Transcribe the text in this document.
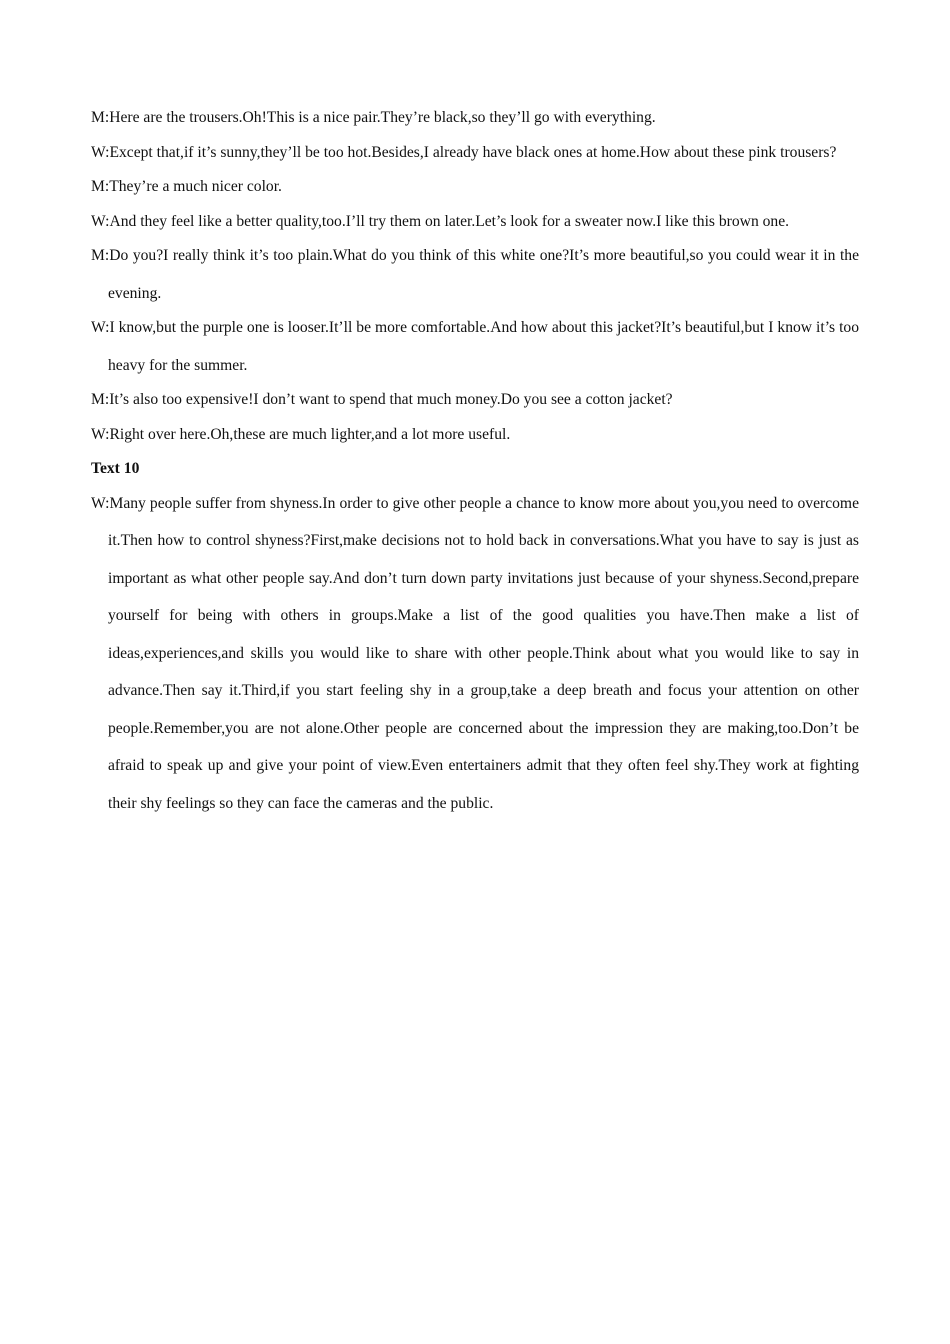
M:Here are the trousers.Oh!This is a nice pair.They’re black,so they’ll go with everything.

W:Except that,if it’s sunny,they’ll be too hot.Besides,I already have black ones at home.How about these pink trousers?

M:They’re a much nicer color.

W:And they feel like a better quality,too.I’ll try them on later.Let’s look for a sweater now.I like this brown one.

M:Do you?I really think it’s too plain.What do you think of this white one?It’s more beautiful,so you could wear it in the evening.

W:I know,but the purple one is looser.It’ll be more comfortable.And how about this jacket?It’s beautiful,but I know it’s too heavy for the summer.

M:It’s also too expensive!I don’t want to spend that much money.Do you see a cotton jacket?

W:Right over here.Oh,these are much lighter,and a lot more useful.

Text 10

W:Many people suffer from shyness.In order to give other people a chance to know more about you,you need to overcome it.Then how to control shyness?First,make decisions not to hold back in conversations.What you have to say is just as important as what other people say.And don’t turn down party invitations just because of your shyness.Second,prepare yourself for being with others in groups.Make a list of the good qualities you have.Then make a list of ideas,experiences,and skills you would like to share with other people.Think about what you would like to say in advance.Then say it.Third,if you start feeling shy in a group,take a deep breath and focus your attention on other people.Remember,you are not alone.Other people are concerned about the impression they are making,too.Don’t be afraid to speak up and give your point of view.Even entertainers admit that they often feel shy.They work at fighting their shy feelings so they can face the cameras and the public.
